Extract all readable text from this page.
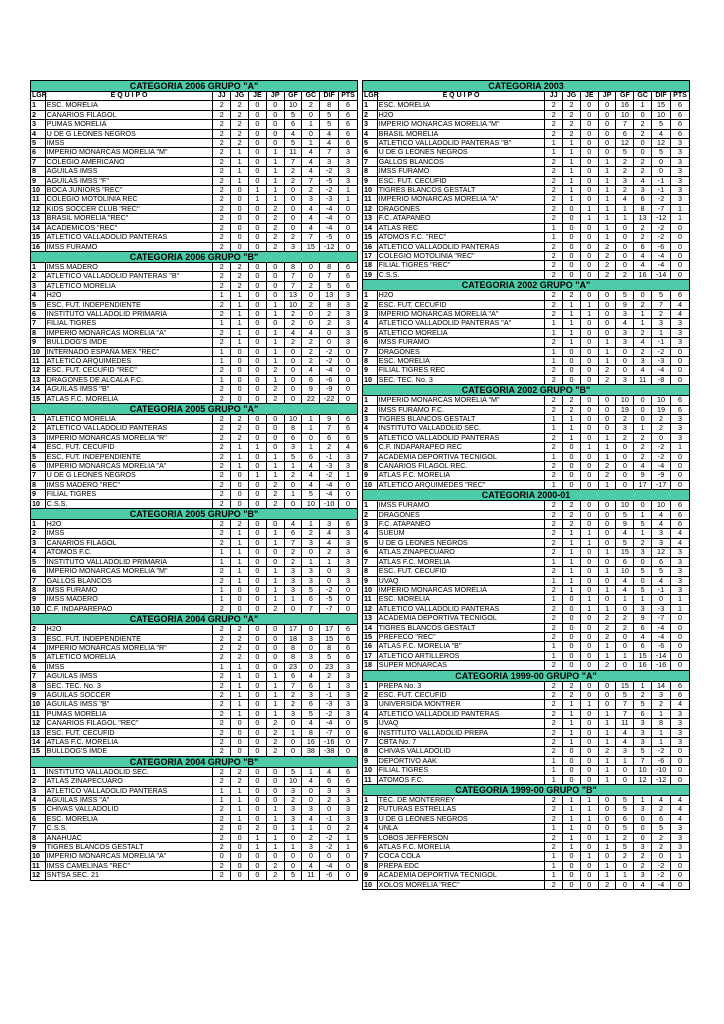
CATEGORIA 2006 GRUPO "A"									
LGR	E Q U I P O	JJ	JG	JE	JP	GF	GC	DIF	PTS
1	ESC. MORELIA	2	2	0	0	10	2	8	6
2	CANARIOS FILAGOL	2	2	0	0	5	0	5	6
3	PUMAS MORELIA	2	2	0	0	6	1	5	6
4	U DE G LEONES NEGROS	2	2	0	0	4	0	4	6
5	IMSS	2	2	0	0	5	1	4	6
6	IMPERIO MONARCAS MORELIA "M"	2	1	0	1	11	4	7	3
7	COLEGIO AMERICANO	2	1	0	1	7	4	3	3
8	AGUILAS IMSS	2	1	0	1	2	4	-2	3
9	AGUILAS IMSS "F"	2	1	0	1	2	7	-5	3
10	BOCA JUNIORS "REC"	2	0	1	1	0	2	-2	1
11	COLEGIO MOTOLINIA REC	2	0	1	1	0	3	-3	1
12	KIDS SOCCER CLUB "REC"	2	0	0	2	0	4	-4	0
13	BRASIL MORELIA "REC"	2	0	0	2	0	4	-4	0
14	ACADEMICOS "REC"	2	0	0	2	0	4	-4	0
15	ATLETICO VALLADOLID PANTERAS	2	0	0	2	2	7	-5	0
16	IMSS FURAMO	2	0	0	2	3	15	-12	0
CATEGORIA 2006 GRUPO "B"									
1	IMSS MADERO	2	2	0	0	8	0	8	6
2	ATLETICO VALLADOLID PANTERAS "B"	2	2	0	0	7	0	7	6
3	ATLETICO MORELIA	2	2	0	0	7	2	5	6
4	H2O	1	1	0	0	13	0	13	3
5	ESC. FUT. INDEPENDIENTE	2	1	0	1	10	2	8	3
6	INSTITUTO VALLADOLID PRIMARIA	2	1	0	1	2	0	2	3
7	FILIAL TIGRES	1	1	0	0	2	0	2	3
8	IMPERIO MONARCAS MORELIA "A"	2	1	0	1	4	4	0	3
9	BULLDOG'S IMDE	2	1	0	1	2	2	0	3
10	INTERNADO ESPAÑA MEX "REC"	1	0	0	1	0	2	-2	0
11	ATLETICO ARQUIMEDES	1	0	0	1	0	2	-2	0
12	ESC. FUT. CECUFID "REC"	2	0	0	2	0	4	-4	0
13	DRAGONES DE ALCALA F.C.	1	0	0	1	0	6	-6	0
14	AGUILAS IMSS "B"	2	0	0	2	0	9	-9	0
15	ATLAS F.C. MORELIA	2	0	0	2	0	22	-22	0
CATEGORIA 2005 GRUPO "A"									
1	ATLETICO MORELIA	2	2	0	0	10	1	9	6
2	ATLETICO VALLADOLID PANTERAS	2	2	0	0	8	1	7	6
3	IMPERIO MONARCAS MORELIA "R"	2	2	0	0	6	0	6	6
4	ESC. FUT. CECUFID	2	1	1	0	3	1	2	4
5	ESC. FUT. INDEPENDIENTE	2	1	0	1	5	6	-1	3
6	IMPERIO MONARCAS MORELIA "A"	2	1	0	1	1	4	-3	3
7	U DE G LEONES NEGROS	2	0	1	1	2	4	-2	1
8	IMSS MADERO "REC"	2	0	0	2	0	4	-4	0
9	FILIAL TIGRES	2	0	0	2	1	5	-4	0
10	C.S.S.	2	0	0	2	0	10	-10	0
CATEGORIA 2005 GRUPO "B"									
1	H2O	2	2	0	0	4	1	3	6
2	IMSS	2	1	0	1	6	2	4	3
3	CANARIOS FILAGOL	2	1	0	1	7	3	4	3
4	ATOMOS F.C.	1	1	0	0	2	0	2	3
5	INSTITUTO VALLADOLID PRIMARIA	1	1	0	0	2	1	1	3
6	IMPERIO MONARCAS MORELIA "M"	2	1	0	1	3	3	0	3
7	GALLOS BLANCOS	2	1	0	1	3	3	0	3
8	IMSS FURAMO	1	0	0	1	3	5	-2	0
9	IMSS MADERO	1	0	0	1	1	6	-5	0
10	C.F. INDAPAREPAO	2	0	0	2	0	7	-7	0
CATEGORIA 2004 GRUPO "A"									
2	H2O	2	2	0	0	17	0	17	6
3	ESC. FUT. INDEPENDIENTE	2	2	0	0	18	3	15	6
4	IMPERIO MONARCAS MORELIA "R"	2	2	0	0	8	0	8	6
5	ATLETICO MORELIA	2	2	0	0	8	3	5	6
6	IMSS	1	1	0	0	23	0	23	3
7	AGUILAS IMSS	2	1	0	1	6	4	2	3
8	SEC. TEC. No. 3	2	1	0	1	7	6	1	3
9	AGUILAS SOCCER	2	1	0	1	2	3	-1	3
10	AGUILAS IMSS "B"	2	1	0	1	2	6	-3	3
11	PUMAS MORELIA	2	1	0	1	3	5	-2	3
12	CANARIOS FILAGOL "REC"	2	0	0	2	0	4	-4	0
13	ESC. FUT. CECUFID	2	0	0	2	1	8	-7	0
14	ATLAS F.C. MORELIA	2	0	0	2	0	16	-16	0
15	BULLDOG'S IMDE	2	0	0	2	0	38	-38	0
CATEGORIA 2004 GRUPO "B"									
1	INSTITUTO VALLADOLID SEC.	2	2	0	0	5	1	4	6
2	ATLAS ZINAPECUARO	2	2	0	0	10	4	6	6
3	ATLETICO VALLADOLID PANTERAS	1	1	0	0	3	0	3	3
4	AGUILAS IMSS "A"	1	1	0	0	2	0	2	3
5	CHIVAS VALLADOLID	2	1	0	1	3	3	0	3
6	ESC. MORELIA	2	1	0	1	3	4	-1	3
7	C.S.S.	2	0	2	0	1	1	0	2
8	ANAHUAC	2	0	1	1	0	2	-2	1
9	TIGRES BLANCOS GESTALT	2	0	1	1	1	3	-2	1
10	IMPERIO MONARCAS MORELIA "A"	0	0	0	0	0	0	0	0
11	IMSS CAMELINAS "REC"	2	0	0	2	0	4	-4	0
12	SNTSA SEC. 21	2	0	0	2	5	11	-6	0
CATEGORIA 2003									
LGR	E Q U I P O	JJ	JG	JE	JP	GF	GC	DIF	PTS
1	ESC. MORELIA	2	2	0	0	16	1	15	6
2	H2O	2	2	0	0	10	0	10	6
3	IMPERIO MONARCAS MORELIA "M"	2	2	0	0	7	2	5	6
4	BRASIL MORELIA	2	2	0	0	6	2	4	6
5	ATLETICO VALLADOLID PANTERAS "B"	1	1	0	0	12	0	12	3
6	U DE G LEONES NEGROS	1	1	0	0	5	0	5	3
7	GALLOS BLANCOS	2	1	0	1	2	2	0	3
8	IMSS FURAMO	2	1	0	1	2	2	0	3
9	ESC. FUT. CECUFID	2	1	0	1	3	4	-1	3
10	TIGRES BLANCOS GESTALT	2	1	0	1	2	3	-1	3
11	IMPERIO MONARCAS MORELIA "A"	2	1	0	1	4	6	-2	3
12	DRAGONES	2	0	1	1	1	8	-7	1
13	F.C. ATAPANEO	2	0	1	1	1	13	-12	1
14	ATLAS REC	1	0	0	1	0	2	-2	0
15	ATOMOS F.C. "REC"	1	0	0	1	0	2	-2	0
16	ATLETICO VALLADOLID PANTERAS	2	0	0	2	0	6	-6	0
17	COLEGIO MOTOLINIA "REC"	2	0	0	2	0	4	-4	0
18	FILIAL TIGRES "REC"	2	0	0	2	0	4	-4	0
19	C.S.S.	2	0	0	2	2	16	-14	0
CATEGORIA 2002 GRUPO "A"									
1	H2O	2	2	0	0	5	0	5	6
2	ESC. FUT. CECUFID	2	1	1	0	9	2	7	4
3	IMPERIO MONARCAS MORELIA "A"	2	1	1	0	3	1	2	4
4	ATLETICO VALLADOLID PANTERAS "A"	1	1	0	0	4	1	3	3
5	ATLETICO MORELIA	1	1	0	0	3	2	1	3
6	IMSS FURAMO	2	1	0	1	3	4	-1	3
7	DRAGONES	1	0	0	1	0	2	-2	0
8	ESC. MORELIA	1	0	0	1	0	3	-3	0
9	FILIAL TIGRES REC	2	0	0	2	0	4	-4	0
10	SEC. TEC. No. 3	2	0	0	2	3	11	-8	0
CATEGORIA 2002 GRUPO "B"									
1	IMPERIO MONARCAS MORELIA "M"	2	2	0	0	10	0	10	6
2	IMSS FURAMO F.C.	2	2	0	0	19	0	19	6
3	TIGRES BLANCOS GESTALT	1	1	0	0	2	0	2	3
4	INSTITUTO VALLADOLID SEC.	1	1	0	0	3	1	2	3
5	ATLETICO VALLADOLID PANTERAS	2	1	0	1	2	2	0	3
6	C.F. INDAPARAPEO REC	2	0	1	1	0	2	-2	1
7	ACADEMIA DEPORTIVA TECNIGOL	1	0	0	1	0	2	-2	0
8	CANARIOS FILAGOL REC.	2	0	0	2	0	4	-4	0
9	ATLAS F.C. MORELIA	2	0	0	2	0	9	-9	0
10	ATLETICO ARQUIMEDES "REC"	1	0	0	1	0	17	-17	0
CATEGORIA 2000-01									
1	IMSS FURAMO	2	2	0	0	10	0	10	6
2	DRAGONES	2	2	0	0	5	1	4	6
3	F.C. ATAPANEO	2	2	0	0	9	5	4	6
4	SUEUM	2	1	1	0	4	1	3	4
5	U DE G LEONES NEGROS	2	1	1	0	5	2	3	4
6	ATLAS ZINAPECUARO	2	1	0	1	15	3	12	3
7	ATLAS F.C. MORELIA	1	1	0	0	6	0	6	3
8	ESC. FUT. CECUFID	2	1	0	1	10	5	5	3
9	UVAQ	1	1	0	0	4	0	4	3
10	IMPERIO MONARCAS MORELIA	2	1	0	1	4	5	-1	3
11	ESC. MORELIA	1	0	1	0	1	1	0	1
12	ATLETICO VALLADOLID PANTERAS	2	0	1	1	0	3	-3	1
13	ACADEMIA DEPORTIVA TECNIGOL	2	0	0	2	2	9	-7	0
14	TIGRES BLANCOS GESTALT	2	0	0	2	2	6	-4	0
15	PREFECO "REC"	2	0	0	2	0	4	-4	0
16	ATLAS F.C. MORELIA "B"	1	0	0	1	0	6	-6	0
17	ATLETICO ARTILLEROS	1	0	0	1	1	15	-14	0
18	SUPER MONARCAS	2	0	0	2	0	16	-16	0
CATEGORIA 1999-00 GRUPO "A"									
1	PREPA No. 3	2	2	0	0	15	1	14	6
2	ESC. FUT. CECUFID	2	2	0	0	5	2	3	6
3	UNIVERSIDA MONTRER	2	1	1	0	7	5	2	4
4	ATLETICO VALLADOLID PANTERAS	2	1	0	1	7	6	1	3
5	UVAQ	2	1	0	1	11	3	8	3
6	INSTITUTO VALLADOLID PREPA	2	1	0	1	4	3	1	3
7	CBTA No. 7	2	1	0	1	4	3	1	3
8	CHIVAS VALLADOLID	2	0	0	2	3	5	-2	0
9	DEPORTIVO AAK	1	0	0	1	1	7	-6	0
10	FILIAL TIGRES	1	0	0	1	0	10	-10	0
11	ATOMOS F.C.	1	0	0	1	0	12	-12	0
CATEGORIA 1999-00 GRUPO "B"									
1	TEC. DE MONTERREY	2	1	1	0	5	1	4	4
2	FUTURAS ESTRELLAS	2	1	1	0	5	3	2	4
3	U DE G LEONES NEGROS	2	1	1	0	6	0	6	4
4	UNLA	1	1	0	0	5	0	5	3
5	LOBOS JEFFERSON	2	1	0	1	2	0	2	3
6	ATLAS F.C. MORELIA	2	1	0	1	5	3	2	3
7	COCA COLA	1	0	1	0	2	2	0	1
8	PREPA EDC	1	0	0	1	0	2	-2	0
9	ACADEMIA DEPORTIVA TECNIGOL	1	0	0	1	1	3	-2	0
10	XOLOS MORELIA "REC"	2	0	0	2	0	4	-4	0
